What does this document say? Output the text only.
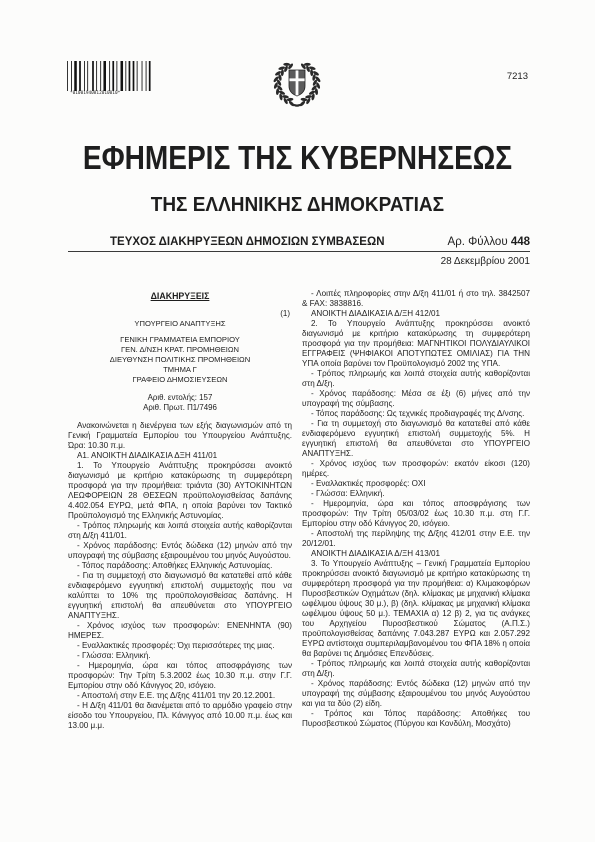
*01001940812010010*
7213
ΕΦΗΜΕΡΙΣ ΤΗΣ ΚΥΒΕΡΝΗΣΕΩΣ
ΤΗΣ ΕΛΛΗΝΙΚΗΣ ΔΗΜΟΚΡΑΤΙΑΣ
ΤΕΥΧΟΣ ΔΙΑΚΗΡΥΞΕΩΝ ΔΗΜΟΣΙΩΝ ΣΥΜΒΑΣΕΩΝ	Αρ. Φύλλου 448
28 Δεκεμβρίου 2001
ΔΙΑΚΗΡΥΞΕΙΣ
(1)
ΥΠΟΥΡΓΕΙΟ ΑΝΑΠΤΥΞΗΣ
ΓΕΝΙΚΗ ΓΡΑΜΜΑΤΕΙΑ ΕΜΠΟΡΙΟΥ
ΓΕΝ. Δ/ΝΣΗ ΚΡΑΤ. ΠΡΟΜΗΘΕΙΩΝ
ΔΙΕΥΘΥΝΣΗ ΠΟΛΙΤΙΚΗΣ ΠΡΟΜΗΘΕΙΩΝ
ΤΜΗΜΑ Γ
ΓΡΑΦΕΙΟ ΔΗΜΟΣΙΕΥΣΕΩΝ
Αριθ. εντολής: 157
Αριθ. Πρωτ. Π1/7496

Ανακοινώνεται η διενέργεια των εξής διαγωνισμών από τη Γενική Γραμματεία Εμπορίου του Υπουργείου Ανάπτυξης. Ώρα: 10.30 π.μ.

Α1. ΑΝΟΙΚΤΗ ΔΙΑΔΙΚΑΣΙΑ ΔΞΗ 411/01

1. Το Υπουργείο Ανάπτυξης προκηρύσσει ανοικτό διαγωνισμό με κριτήριο κατακύρωσης τη συμφερότερη προσφορά για την προμήθεια: τριάντα (30) ΑΥΤΟΚΙΝΗΤΩΝ ΛΕΩΦΟΡΕΙΩΝ 28 ΘΕΣΕΩΝ προϋπολογισθείσας δαπάνης 4.402.054 ΕΥΡΩ, μετά ΦΠΑ, η οποία βαρύνει τον Τακτικό Προϋπολογισμό της Ελληνικής Αστυνομίας.

- Τρόπος πληρωμής και λοιπά στοιχεία αυτής καθορίζονται στη Δ/ξη 411/01.

- Χρόνος παράδοσης: Εντός δώδεκα (12) μηνών από την υπογραφή της σύμβασης εξαιρουμένου του μηνός Αυγούστου.

- Τόπος παράδοσης: Αποθήκες Ελληνικής Αστυνομίας.

- Για τη συμμετοχή στο διαγωνισμό θα κατατεθεί από κάθε ενδιαφερόμενο εγγυητική επιστολή συμμετοχής που να καλύπτει το 10% της προϋπολογισθείσας δαπάνης. Η εγγυητική επιστολή θα απευθύνεται στο ΥΠΟΥΡΓΕΙΟ ΑΝΑΠΤΥΞΗΣ.

- Χρόνος ισχύος των προσφορών: ΕΝΕΝΗΝΤΑ (90) ΗΜΕΡΕΣ.

- Εναλλακτικές προσφορές: Όχι περισσότερες της μιας.

- Γλώσσα: Ελληνική.

- Ημερομηνία, ώρα και τόπος αποσφράγισης των προσφορών: Την Τρίτη 5.3.2002 έως 10.30 π.μ. στην Γ.Γ. Εμπορίου στην οδό Κάνιγγος 20, ισόγειο.

- Αποστολή στην Ε.Ε. της Δ/ξης 411/01 την 20.12.2001.

- Η Δ/ξη 411/01 θα διανέμεται από το αρμόδιο γραφείο στην είσοδο του Υπουργείου, Πλ. Κάνιγγος από 10.00 π.μ. έως και 13.00 μ.μ.

- Λοιπές πληροφορίες στην Δ/ξη 411/01 ή στο τηλ. 3842507 & FAX: 3838816.

ΑΝΟΙΚΤΗ ΔΙΑΔΙΚΑΣΙΑ Δ/ΞΗ 412/01

2. Το Υπουργείο Ανάπτυξης προκηρύσσει ανοικτό διαγωνισμό με κριτήριο κατακύρωσης τη συμφερότερη προσφορά για την προμήθεια: ΜΑΓΝΗΤΙΚΟΙ ΠΟΛΥΔΙΑΥΛΙΚΟΙ ΕΓΓΡΑΦΕΙΣ (ΨΗΦΙΑΚΟΙ ΑΠΟΤΥΠΩΤΕΣ ΟΜΙΛΙΑΣ) ΓΙΑ ΤΗΝ ΥΠΑ οποία βαρύνει τον Προϋπολογισμό 2002 της ΥΠΑ.

- Τρόπος πληρωμής και λοιπά στοιχεία αυτής καθορίζονται στη Δ/ξη.

- Χρόνος παράδοσης: Μέσα σε έξι (6) μήνες από την υπογραφή της σύμβασης.

- Τόπος παράδοσης: Ως τεχνικές προδιαγραφές της Δ/νσης.

- Για τη συμμετοχή στο διαγωνισμό θα κατατεθεί από κάθε ενδιαφερόμενο εγγυητική επιστολή συμμετοχής 5%. Η εγγυητική επιστολή θα απευθύνεται στο ΥΠΟΥΡΓΕΙΟ ΑΝΑΠΤΥΞΗΣ.

- Χρόνος ισχύος των προσφορών: εκατόν είκοσι (120) ημέρες.

- Εναλλακτικές προσφορές: ΟΧΙ

- Γλώσσα: Ελληνική.

- Ημερομηνία, ώρα και τόπος αποσφράγισης των προσφορών: Την Τρίτη 05/03/02 έως 10.30 π.μ. στη Γ.Γ. Εμπορίου στην οδό Κάνιγγος 20, ισόγειο.

- Αποστολή της περίληψης της Δ/ξης 412/01 στην Ε.Ε. την 20/12/01.

ΑΝΟΙΚΤΗ ΔΙΑΔΙΚΑΣΙΑ Δ/ΞΗ 413/01

3. Το Υπουργείο Ανάπτυξης – Γενική Γραμματεία Εμπορίου προκηρύσσει ανοικτό διαγωνισμό με κριτήριο κατακύρωσης τη συμφερότερη προσφορά για την προμήθεια: α) Κλιμακοφόρων Πυροσβεστικών Οχημάτων (δηλ. κλίμακας με μηχανική κλίμακα ωφέλιμου ύψους 30 μ.), β) (δηλ. κλίμακας με μηχανική κλίμακα ωφέλιμου ύψους 50 μ.). ΤΕΜΑΧΙΑ α) 12 β) 2, για τις ανάγκες του Αρχηγείου Πυροσβεστικού Σώματος (Α.Π.Σ.) προϋπολογισθείσας δαπάνης 7.043.287 ΕΥΡΩ και 2.057.292 ΕΥΡΩ αντίστοιχα συμπεριλαμβανομένου του ΦΠΑ 18% η οποία θα βαρύνει τις Δημόσιες Επενδύσεις.

- Τρόπος πληρωμής και λοιπά στοιχεία αυτής καθορίζονται στη Δ/ξη.

- Χρόνος παράδοσης: Εντός δώδεκα (12) μηνών από την υπογραφή της σύμβασης εξαιρουμένου του μηνός Αυγούστου και για τα δύο (2) είδη.

- Τρόπος και Τόπος παράδοσης: Αποθήκες του Πυροσβεστικού Σώματος (Πύργου και Κονδύλη, Μοσχάτο)
